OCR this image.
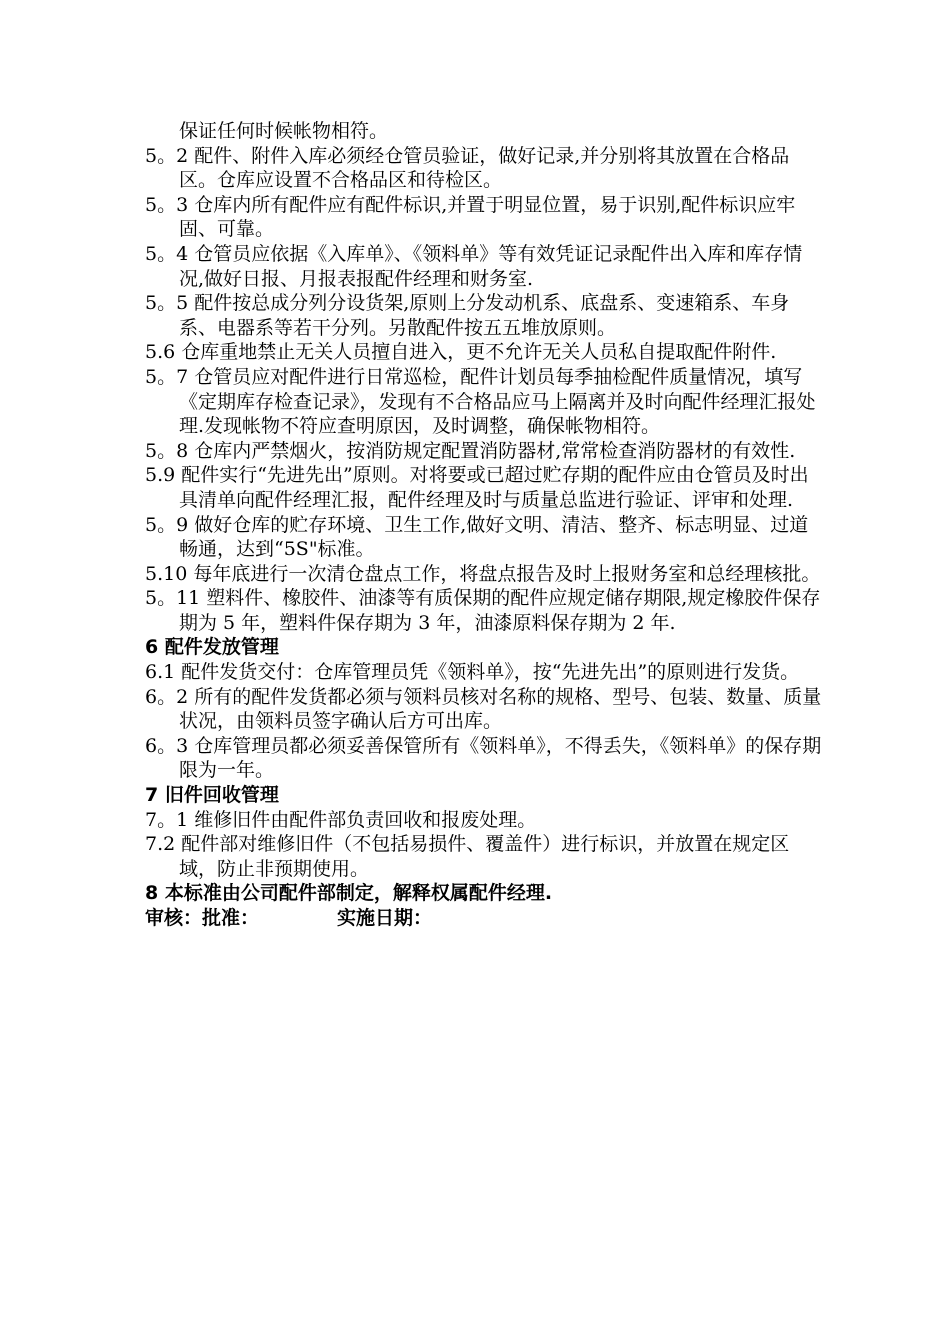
保证任何时候帐物相符。
5。2 配件、附件入库必须经仓管员验证，做好记录,并分别将其放置在合格品区。仓库应设置不合格品区和待检区。
5。3 仓库内所有配件应有配件标识,并置于明显位置，易于识别,配件标识应牢固、可靠。
5。4 仓管员应依据《入库单》、《领料单》等有效凭证记录配件出入库和库存情况,做好日报、月报表报配件经理和财务室.
5。5 配件按总成分列分设货架,原则上分发动机系、底盘系、变速箱系、车身系、电器系等若干分列。另散配件按五五堆放原则。
5.6 仓库重地禁止无关人员擅自进入，更不允许无关人员私自提取配件附件.
5。7 仓管员应对配件进行日常巡检，配件计划员每季抽检配件质量情况，填写《定期库存检查记录》，发现有不合格品应马上隔离并及时向配件经理汇报处理.发现帐物不符应查明原因，及时调整，确保帐物相符。
5。8 仓库内严禁烟火，按消防规定配置消防器材,常常检查消防器材的有效性.
5.9 配件实行“先进先出”原则。对将要或已超过贮存期的配件应由仓管员及时出具清单向配件经理汇报，配件经理及时与质量总监进行验证、评审和处理.
5。9 做好仓库的贮存环境、卫生工作,做好文明、清洁、整齐、标志明显、过道畅通，达到“5S"标准。
5.10 每年底进行一次清仓盘点工作，将盘点报告及时上报财务室和总经理核批。
5。11 塑料件、橡胶件、油漆等有质保期的配件应规定储存期限,规定橡胶件保存期为 5 年，塑料件保存期为 3 年，油漆原料保存期为 2 年.
6 配件发放管理
6.1 配件发货交付：仓库管理员凭《领料单》，按“先进先出”的原则进行发货。
6。2 所有的配件发货都必须与领料员核对名称的规格、型号、包装、数量、质量状况，由领料员签字确认后方可出库。
6。3 仓库管理员都必须妥善保管所有《领料单》，不得丢失，《领料单》的保存期限为一年。
7 旧件回收管理
7。1 维修旧件由配件部负责回收和报废处理。
7.2 配件部对维修旧件（不包括易损件、覆盖件）进行标识，并放置在规定区域，防止非预期使用。
8 本标准由公司配件部制定，解释权属配件经理.
审核：批准：	实施日期：
